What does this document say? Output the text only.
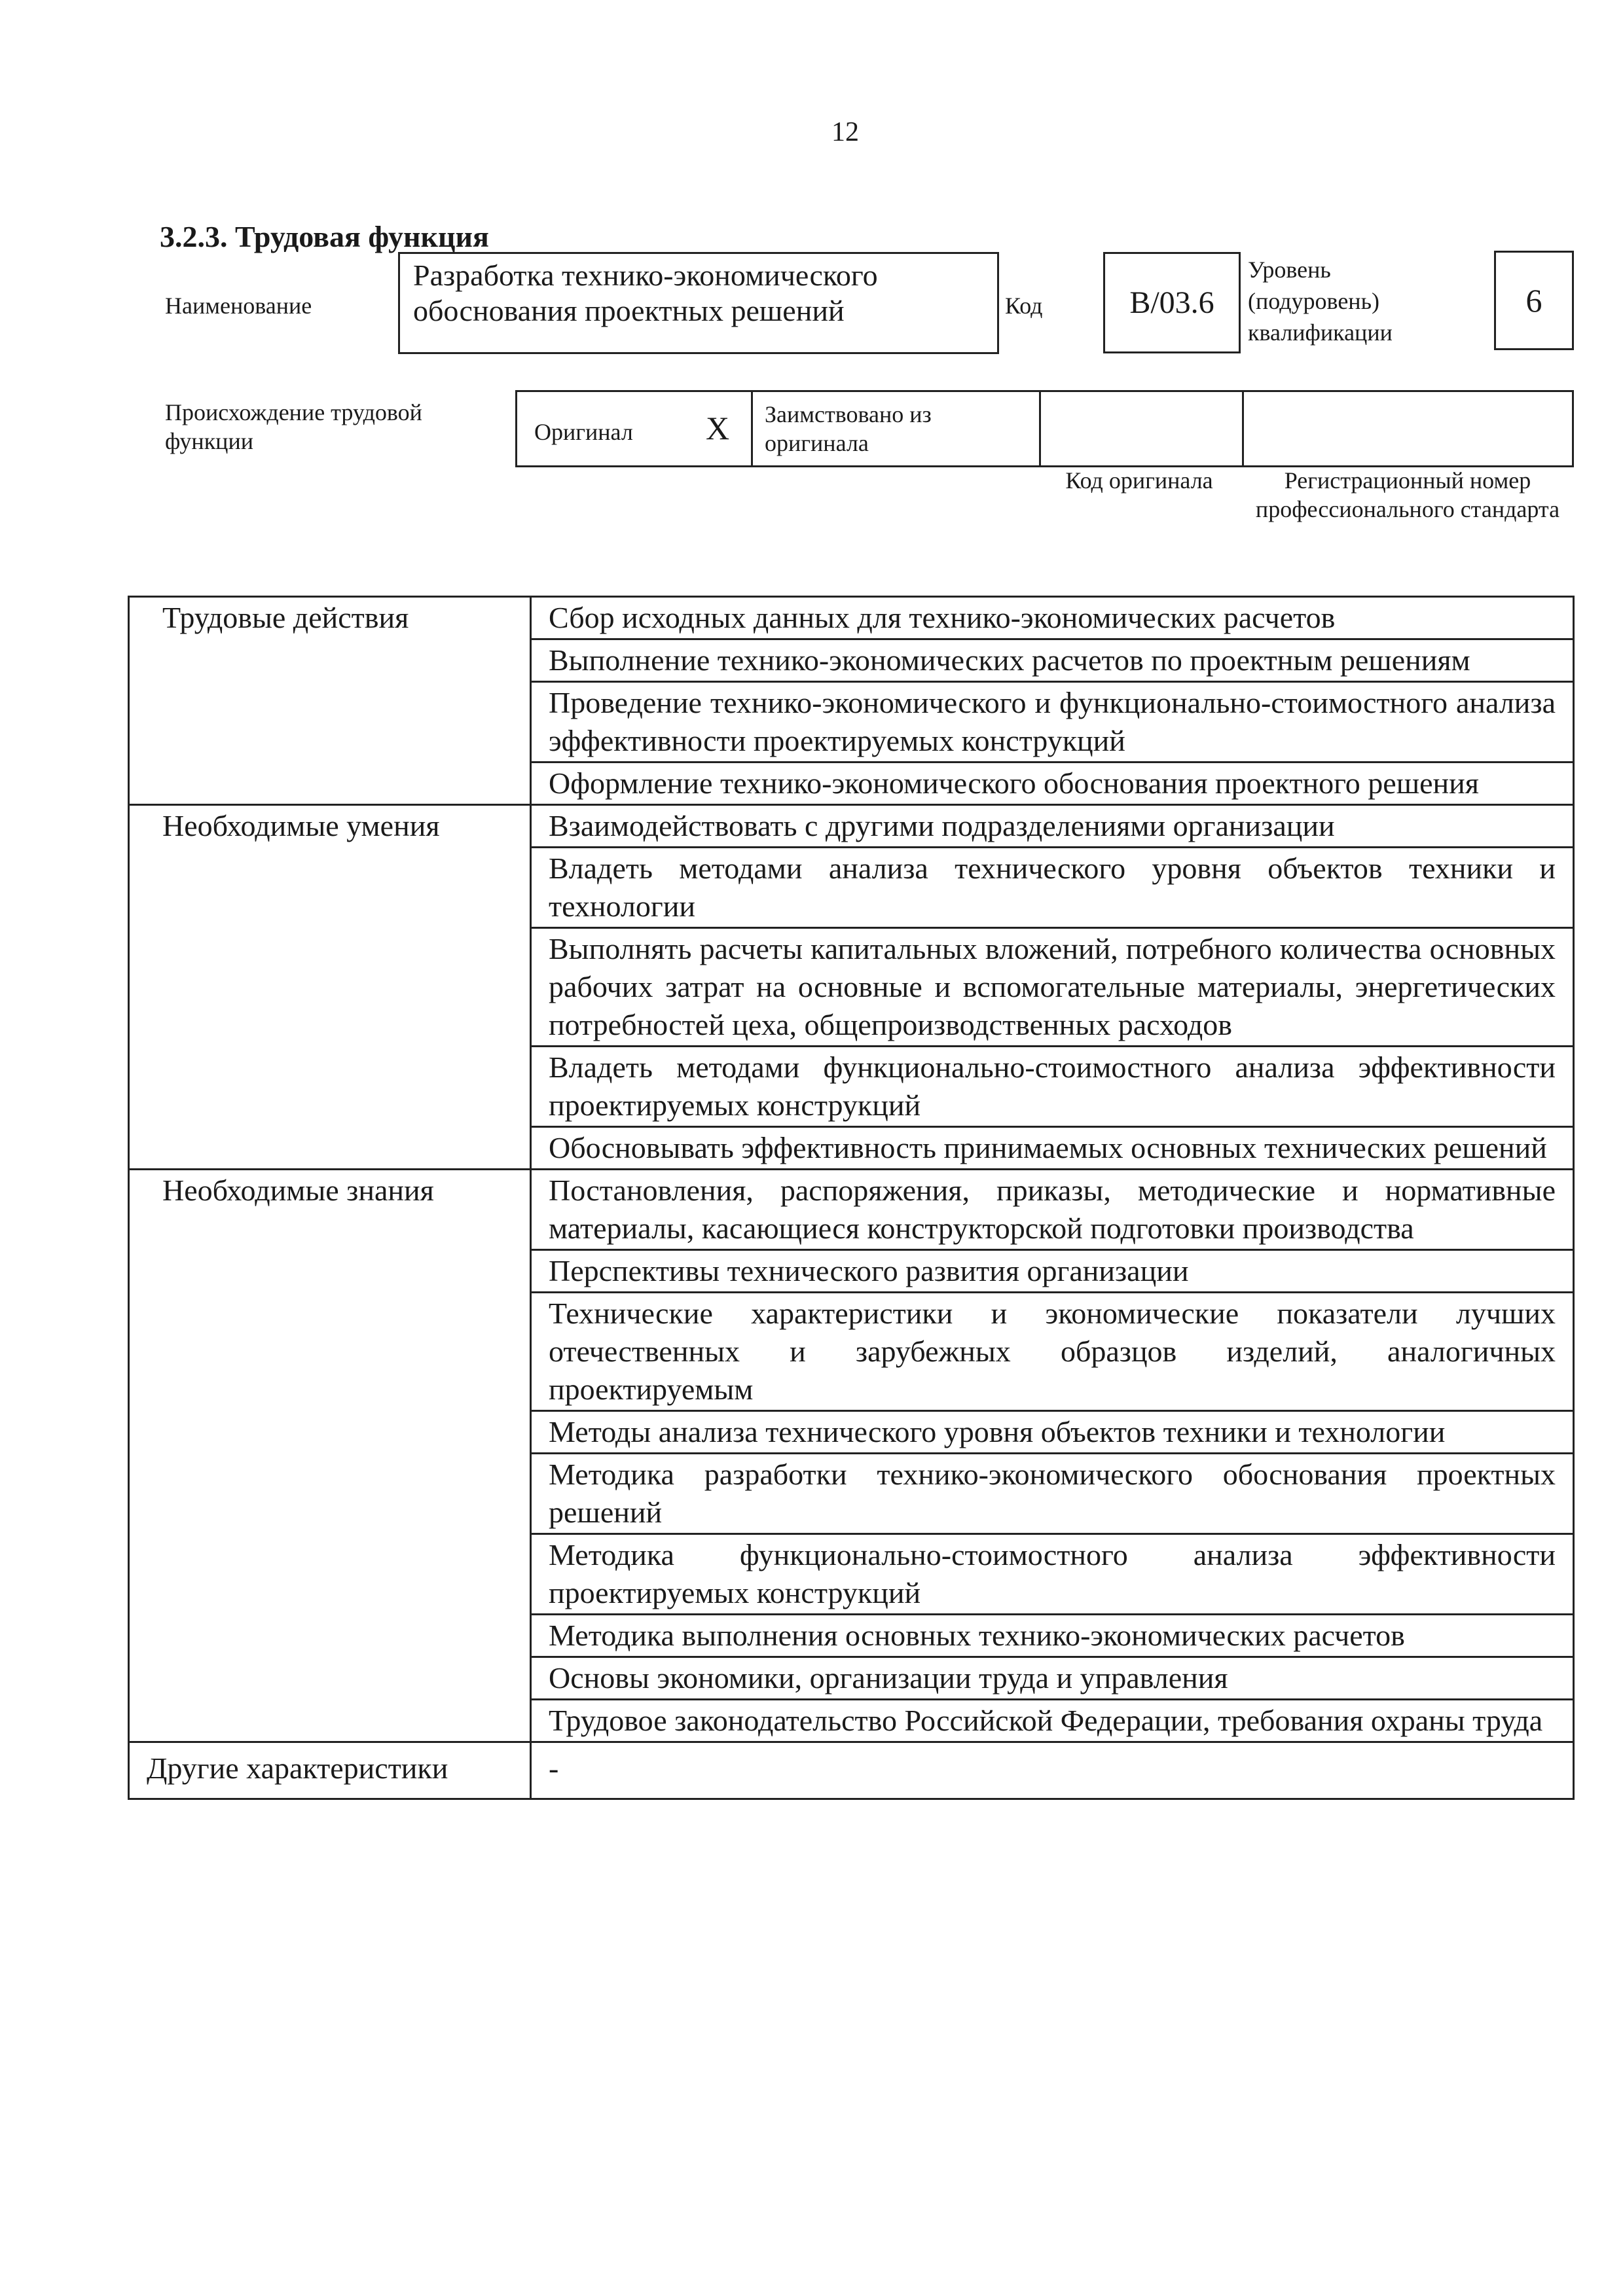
12
3.2.3. Трудовая функция
Наименование
Разработка технико-экономического обоснования проектных решений	Код	B/03.6
Уровень (подуровень) квалификации
6
Происхождение трудовой функции	Оригинал X	Заимствовано из оригинала
Код оригинала	Регистрационный номер профессионального стандарта
Трудовые действия	Сбор исходных данных для технико-экономических расчетов
	Выполнение технико-экономических расчетов по проектным решениям
	Проведение технико-экономического и функционально-стоимостного анализа эффективности проектируемых конструкций
	Оформление технико-экономического обоснования проектного решения
Необходимые умения	Взаимодействовать с другими подразделениями организации
	Владеть методами анализа технического уровня объектов техники и технологии
	Выполнять расчеты капитальных вложений, потребного количества основных рабочих затрат на основные и вспомогательные материалы, энергетических потребностей цеха, общепроизводственных расходов
	Владеть методами функционально-стоимостного анализа эффективности проектируемых конструкций
	Обосновывать эффективность принимаемых основных технических решений
Необходимые знания	Постановления, распоряжения, приказы, методические и нормативные материалы, касающиеся конструкторской подготовки производства
	Перспективы технического развития организации
	Технические характеристики и экономические показатели лучших отечественных и зарубежных образцов изделий, аналогичных проектируемым
	Методы анализа технического уровня объектов техники и технологии
	Методика разработки технико-экономического обоснования проектных решений
	Методика функционально-стоимостного анализа эффективности проектируемых конструкций
	Методика выполнения основных технико-экономических расчетов
	Основы экономики, организации труда и управления
	Трудовое законодательство Российской Федерации, требования охраны труда
Другие характеристики	-
